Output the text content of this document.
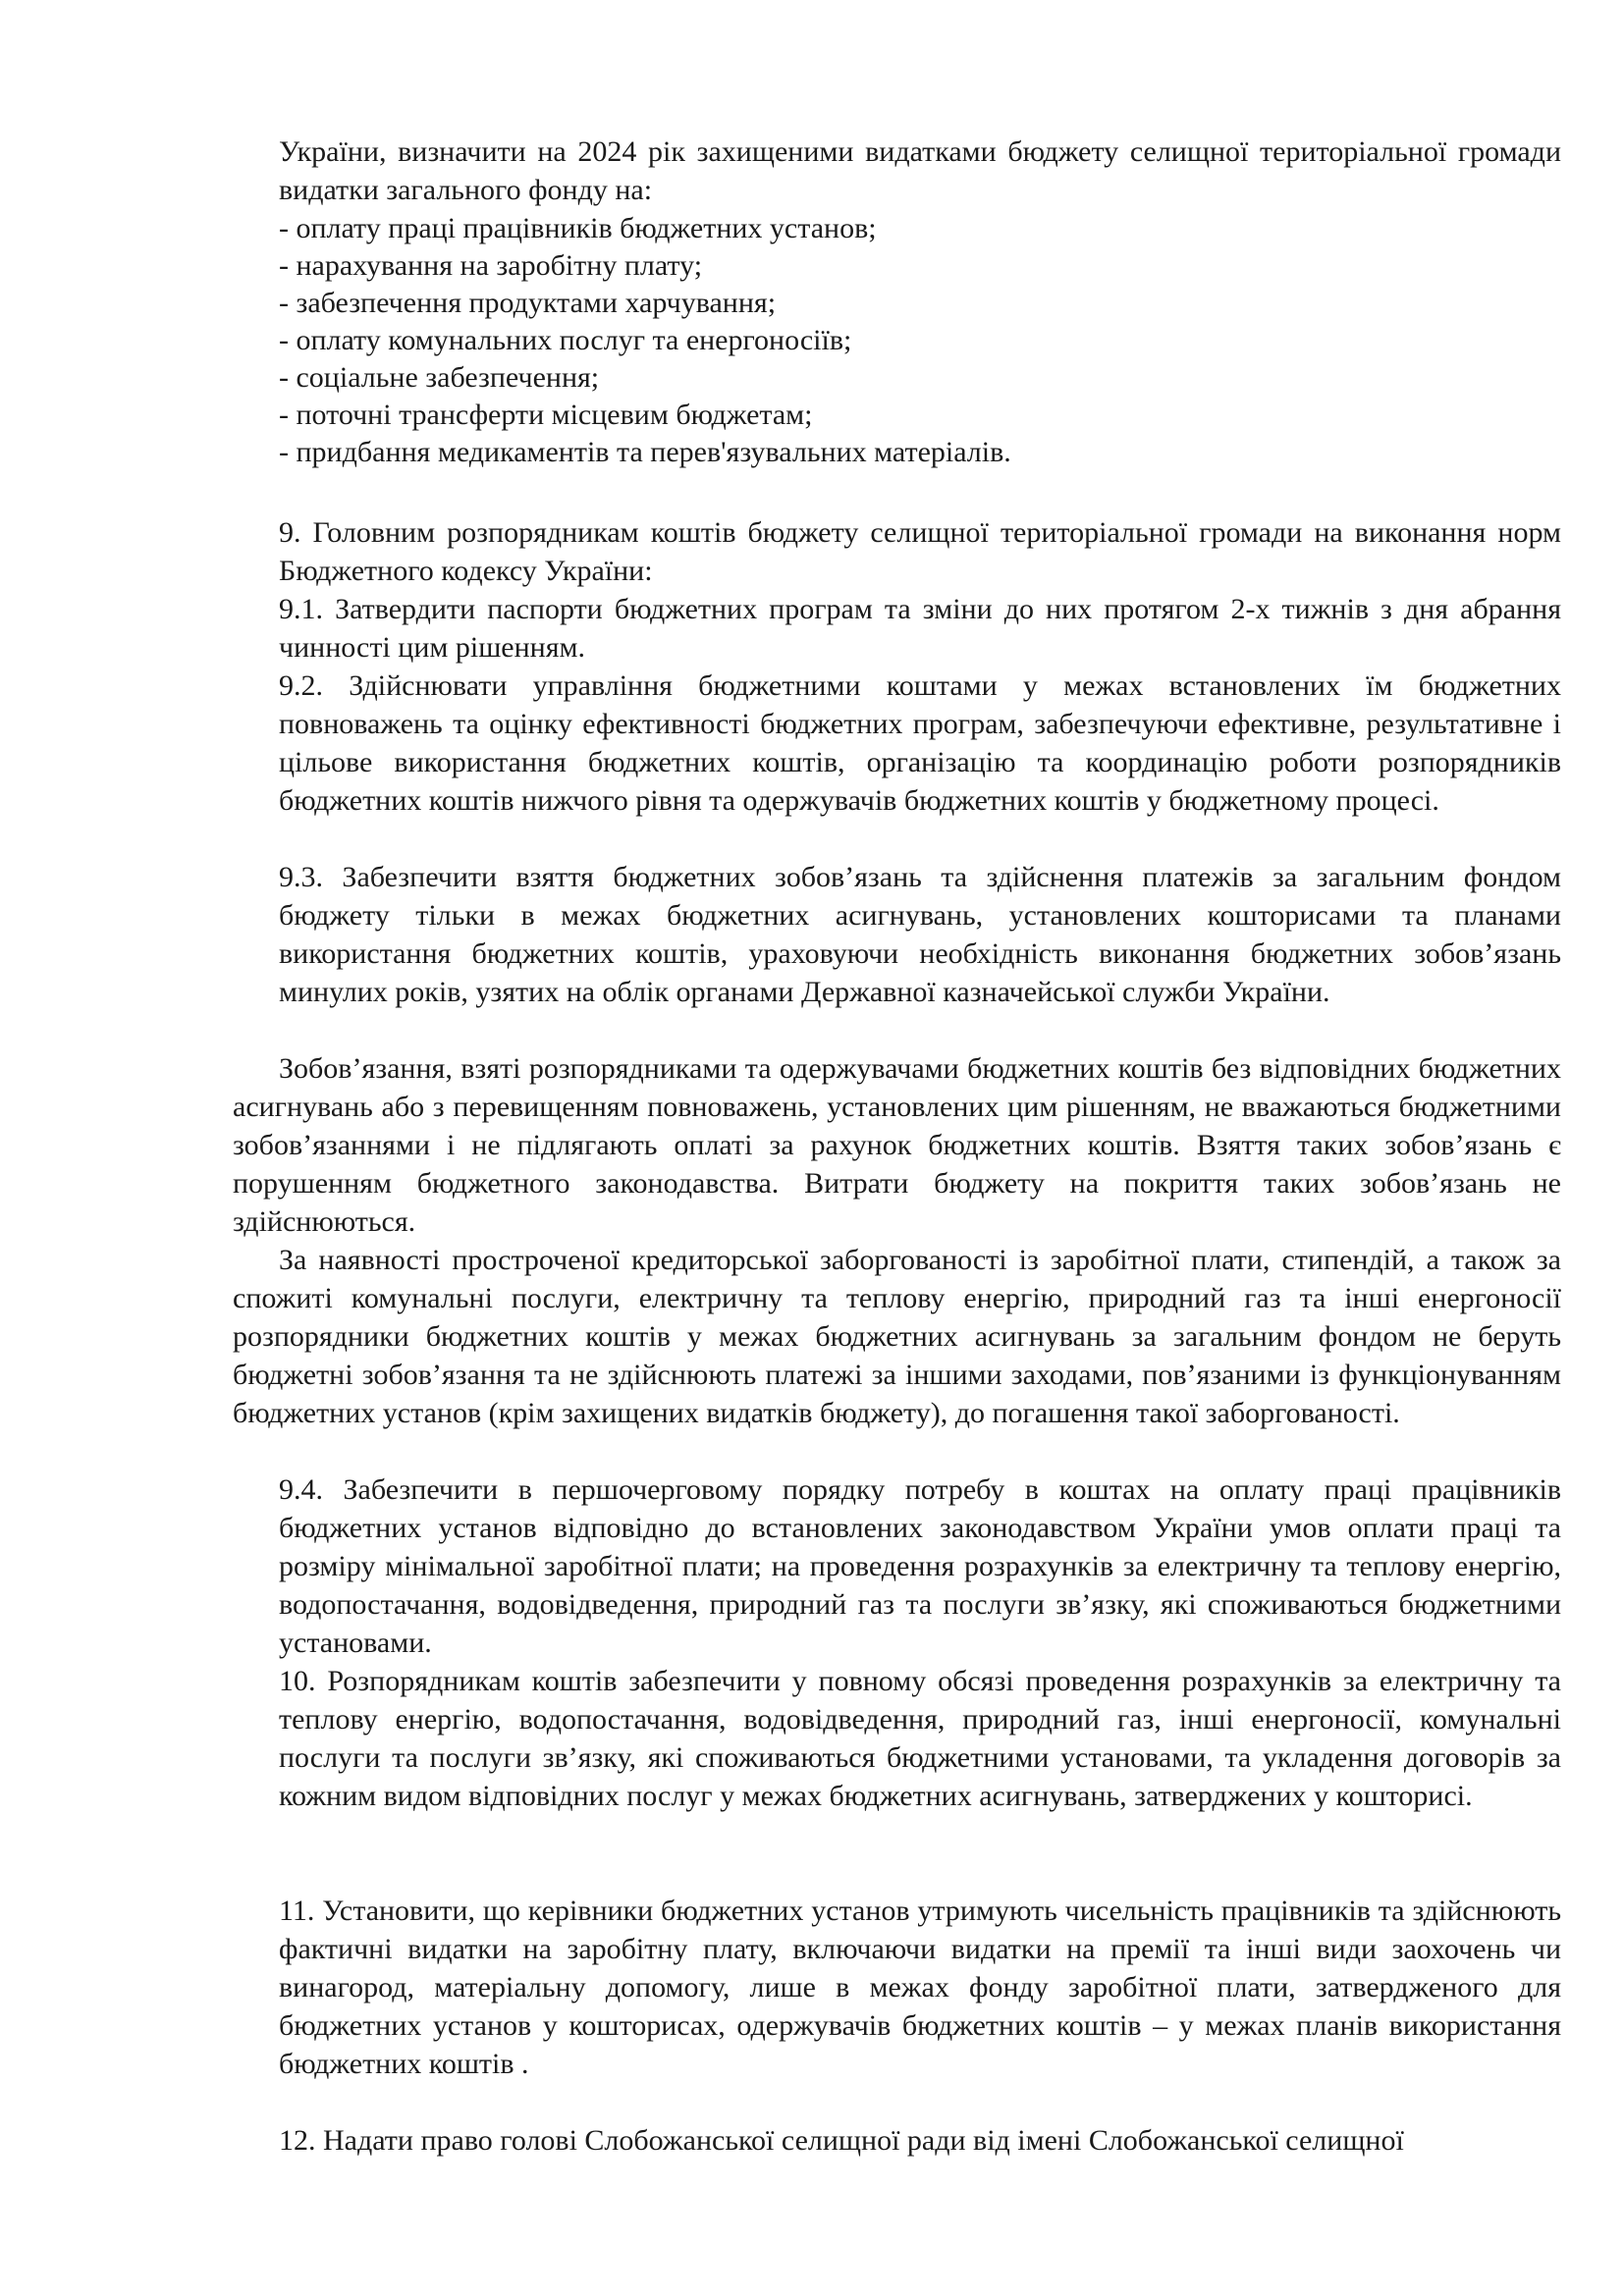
України, визначити на 2024 рік захищеними видатками бюджету селищної територіальної громади видатки загального фонду на:
- оплату праці працівників бюджетних установ;
- нарахування на заробітну плату;
- забезпечення продуктами харчування;
- оплату комунальних послуг та енергоносіїв;
- соціальне забезпечення;
- поточні трансферти місцевим бюджетам;
- придбання медикаментів та перев'язувальних матеріалів.
9. Головним розпорядникам коштів бюджету селищної територіальної громади на виконання норм Бюджетного кодексу України:
9.1. Затвердити паспорти бюджетних програм та зміни до них протягом 2-х тижнів з дня абрання чинності цим рішенням.
9.2. Здійснювати управління бюджетними коштами у межах встановлених їм бюджетних повноважень та оцінку ефективності бюджетних програм, забезпечуючи ефективне, результативне і цільове використання бюджетних коштів, організацію та координацію роботи розпорядників бюджетних коштів нижчого рівня та одержувачів бюджетних коштів у бюджетному процесі.
9.3. Забезпечити взяття бюджетних зобов’язань та здійснення платежів за загальним фондом бюджету тільки в межах бюджетних асигнувань, установлених кошторисами та планами використання бюджетних коштів, ураховуючи необхідність виконання бюджетних зобов’язань минулих років, узятих на облік органами Державної казначейської служби України.
Зобов’язання, взяті розпорядниками та одержувачами бюджетних коштів без відповідних бюджетних асигнувань або з перевищенням повноважень, установлених цим рішенням, не вважаються бюджетними зобов’язаннями і не підлягають оплаті за рахунок бюджетних коштів. Взяття таких зобов’язань є порушенням бюджетного законодавства. Витрати бюджету на покриття таких зобов’язань не здійснюються.
За наявності простроченої кредиторської заборгованості із заробітної плати, стипендій, а також за спожиті комунальні послуги, електричну та теплову енергію, природний газ та інші енергоносії розпорядники бюджетних коштів у межах бюджетних асигнувань за загальним фондом не беруть бюджетні зобов’язання та не здійснюють платежі за іншими заходами, пов’язаними із функціонуванням бюджетних установ (крім захищених видатків бюджету), до погашення такої заборгованості.
9.4. Забезпечити в першочерговому порядку потребу в коштах на оплату праці працівників бюджетних установ відповідно до встановлених законодавством України умов оплати праці та розміру мінімальної заробітної плати; на проведення розрахунків за електричну та теплову енергію, водопостачання, водовідведення, природний газ та послуги зв’язку, які споживаються бюджетними установами.
10. Розпорядникам коштів забезпечити у повному обсязі проведення розрахунків за електричну та теплову енергію, водопостачання, водовідведення, природний газ, інші енергоносії, комунальні послуги та послуги зв’язку, які споживаються бюджетними установами, та укладення договорів за кожним видом відповідних послуг у межах бюджетних асигнувань, затверджених у кошторисі.
11. Установити, що керівники бюджетних установ утримують чисельність працівників та здійснюють фактичні видатки на заробітну плату, включаючи видатки на премії та інші види заохочень чи винагород, матеріальну допомогу, лише в межах фонду заробітної плати, затвердженого для бюджетних установ у кошторисах, одержувачів бюджетних коштів – у межах планів використання бюджетних коштів .
12. Надати право голові Слобожанської селищної ради від імені Слобожанської селищної
